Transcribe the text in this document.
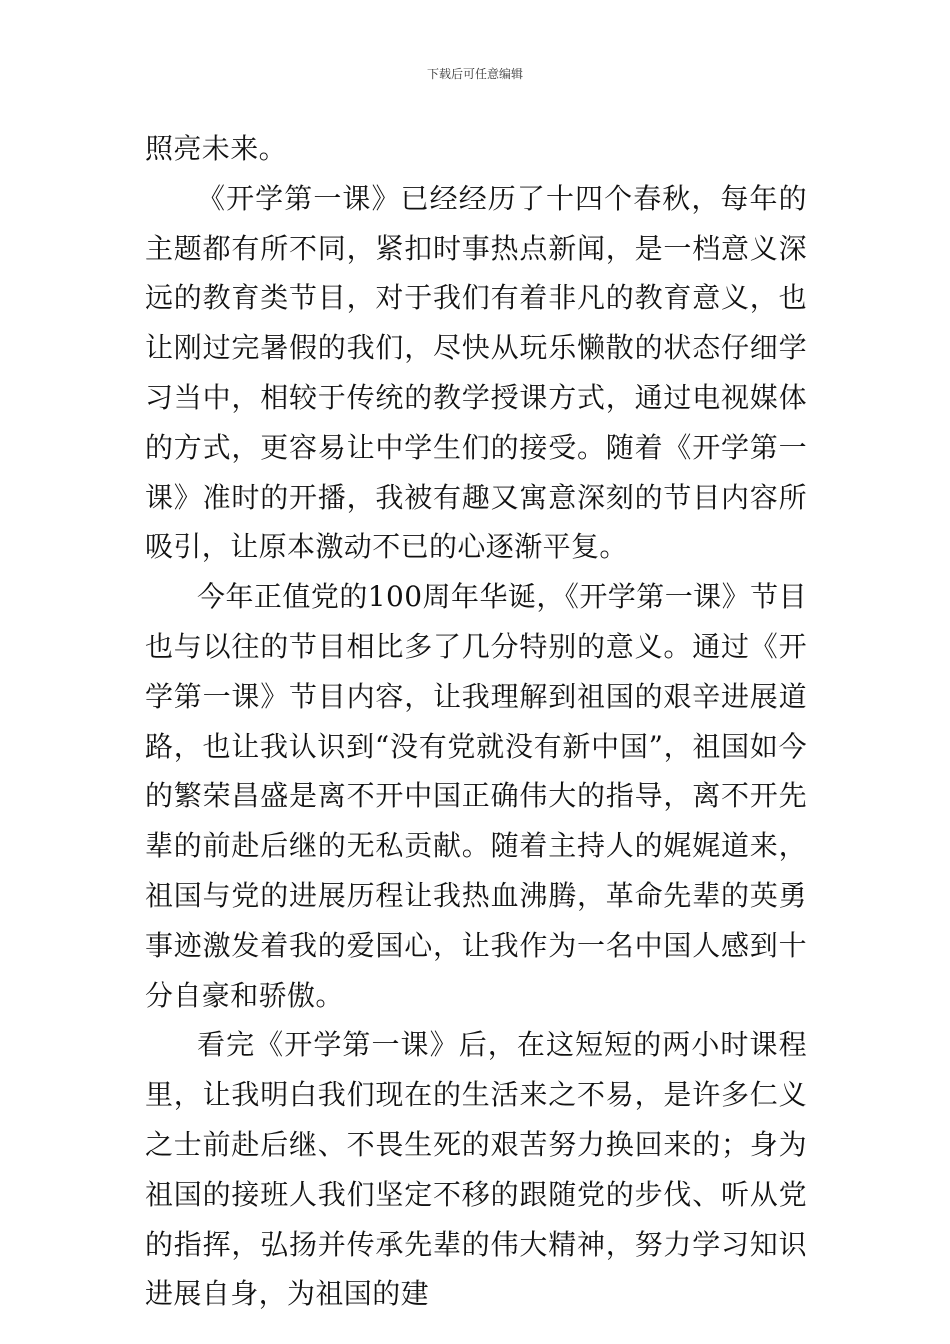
下载后可任意编辑

照亮未来。

《开学第一课》已经经历了十四个春秋，每年的主题都有所不同，紧扣时事热点新闻，是一档意义深远的教育类节目，对于我们有着非凡的教育意义，也让刚过完暑假的我们，尽快从玩乐懒散的状态仔细学习当中，相较于传统的教学授课方式，通过电视媒体的方式，更容易让中学生们的接受。随着《开学第一课》准时的开播，我被有趣又寓意深刻的节目内容所吸引，让原本激动不已的心逐渐平复。

今年正值党的100周年华诞，《开学第一课》节目也与以往的节目相比多了几分特别的意义。通过《开学第一课》节目内容，让我理解到祖国的艰辛进展道路，也让我认识到“没有党就没有新中国”，祖国如今的繁荣昌盛是离不开中国正确伟大的指导，离不开先辈的前赴后继的无私贡献。随着主持人的娓娓道来，祖国与党的进展历程让我热血沸腾，革命先辈的英勇事迹激发着我的爱国心，让我作为一名中国人感到十分自豪和骄傲。

看完《开学第一课》后，在这短短的两小时课程里，让我明白我们现在的生活来之不易，是许多仁义之士前赴后继、不畏生死的艰苦努力换回来的；身为祖国的接班人我们坚定不移的跟随党的步伐、听从党的指挥，弘扬并传承先辈的伟大精神，努力学习知识进展自身，为祖国的建
